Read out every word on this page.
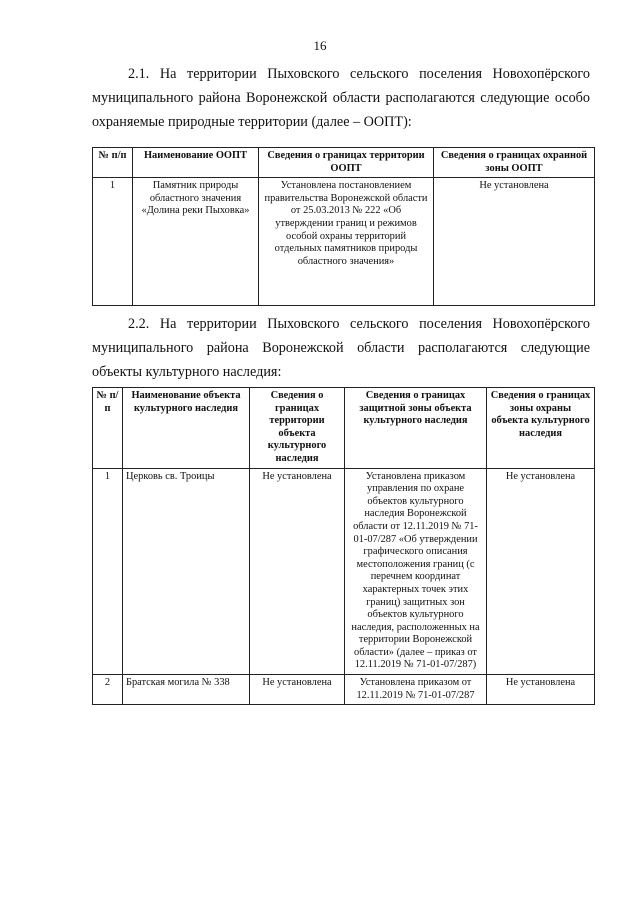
16

2.1. На территории Пыховского сельского поселения Новохопёрского муниципального района Воронежской области располагаются следующие особо охраняемые природные территории (далее – ООПТ):

№ п/п	Наименование ООПТ	Сведения о границах территории ООПТ	Сведения о границах охранной зоны ООПТ
1	Памятник природы областного значения «Долина реки Пыховка»	Установлена постановлением правительства Воронежской области от 25.03.2013 № 222 «Об утверждении границ и режимов особой охраны территорий отдельных памятников природы областного значения»	Не установлена

2.2. На территории Пыховского сельского поселения Новохопёрского муниципального района Воронежской области располагаются следующие объекты культурного наследия:

№ п/п	Наименование объекта культурного наследия	Сведения о границах территории объекта культурного наследия	Сведения о границах защитной зоны объекта культурного наследия	Сведения о границах зоны охраны объекта культурного наследия
1	Церковь св. Троицы	Не установлена	Установлена приказом управления по охране объектов культурного наследия Воронежской области от 12.11.2019 № 71-01-07/287 «Об утверждении графического описания местоположения границ (с перечнем координат характерных точек этих границ) защитных зон объектов культурного наследия, расположенных на территории Воронежской области» (далее – приказ от 12.11.2019 № 71-01-07/287)	Не установлена
2	Братская могила № 338	Не установлена	Установлена приказом от 12.11.2019 № 71-01-07/287	Не установлена
